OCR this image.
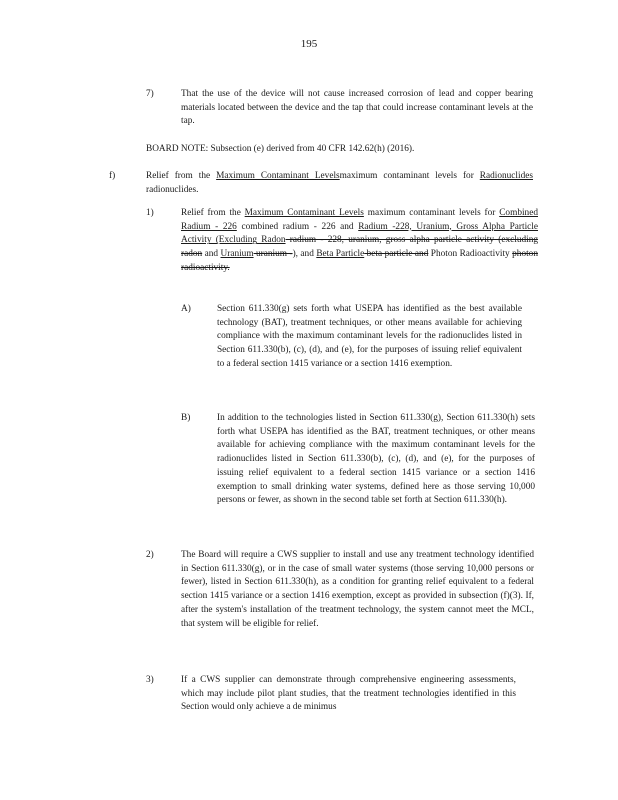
195
7)	That the use of the device will not cause increased corrosion of lead and copper bearing materials located between the device and the tap that could increase contaminant levels at the tap.
BOARD NOTE: Subsection (e) derived from 40 CFR 142.62(h) (2016).
f)	Relief from the Maximum Contaminant Levelsmaximum contaminant levels for Radionuclides radionuclides.
1)	Relief from the Maximum Contaminant Levels maximum contaminant levels for Combined Radium - 226 combined radium - 226 and Radium -228, Uranium, Gross Alpha Particle Activity (Excluding Radon radium - 228, uranium, gross alpha particle activity (excluding radon and Uranium uranium -), and Beta Particle beta particle and Photon Radioactivity photon radioactivity.
A)	Section 611.330(g) sets forth what USEPA has identified as the best available technology (BAT), treatment techniques, or other means available for achieving compliance with the maximum contaminant levels for the radionuclides listed in Section 611.330(b), (c), (d), and (e), for the purposes of issuing relief equivalent to a federal section 1415 variance or a section 1416 exemption.
B)	In addition to the technologies listed in Section 611.330(g), Section 611.330(h) sets forth what USEPA has identified as the BAT, treatment techniques, or other means available for achieving compliance with the maximum contaminant levels for the radionuclides listed in Section 611.330(b), (c), (d), and (e), for the purposes of issuing relief equivalent to a federal section 1415 variance or a section 1416 exemption to small drinking water systems, defined here as those serving 10,000 persons or fewer, as shown in the second table set forth at Section 611.330(h).
2)	The Board will require a CWS supplier to install and use any treatment technology identified in Section 611.330(g), or in the case of small water systems (those serving 10,000 persons or fewer), listed in Section 611.330(h), as a condition for granting relief equivalent to a federal section 1415 variance or a section 1416 exemption, except as provided in subsection (f)(3). If, after the system's installation of the treatment technology, the system cannot meet the MCL, that system will be eligible for relief.
3)	If a CWS supplier can demonstrate through comprehensive engineering assessments, which may include pilot plant studies, that the treatment technologies identified in this Section would only achieve a de minimus
